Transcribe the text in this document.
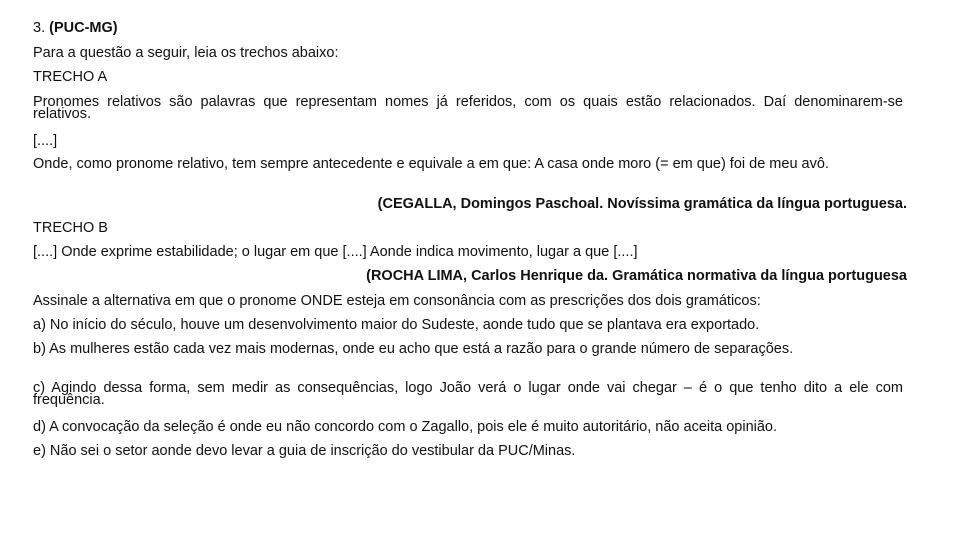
3. (PUC-MG)

Para a questão a seguir, leia os trechos abaixo:

TRECHO A

Pronomes relativos são palavras que representam nomes já referidos, com os quais estão relacionados. Daí denominarem-se relativos.

[....]

Onde, como pronome relativo, tem sempre antecedente e equivale a em que: A casa onde moro (= em que) foi de meu avô.

(CEGALLA, Domingos Paschoal. Novíssima gramática da língua portuguesa.

TRECHO B

[....] Onde exprime estabilidade; o lugar em que [....] Aonde indica movimento, lugar a que [....]

(ROCHA LIMA, Carlos Henrique da. Gramática normativa da língua portuguesa

Assinale a alternativa em que o pronome ONDE esteja em consonância com as prescrições dos dois gramáticos:

a) No início do século, houve um desenvolvimento maior do Sudeste, aonde tudo que se plantava era exportado.

b) As mulheres estão cada vez mais modernas, onde eu acho que está a razão para o grande número de separações.

c) Agindo dessa forma, sem medir as consequências, logo João verá o lugar onde vai chegar – é o que tenho dito a ele com frequência.

d) A convocação da seleção é onde eu não concordo com o Zagallo, pois ele é muito autoritário, não aceita opinião.

e) Não sei o setor aonde devo levar a guia de inscrição do vestibular da PUC/Minas.
